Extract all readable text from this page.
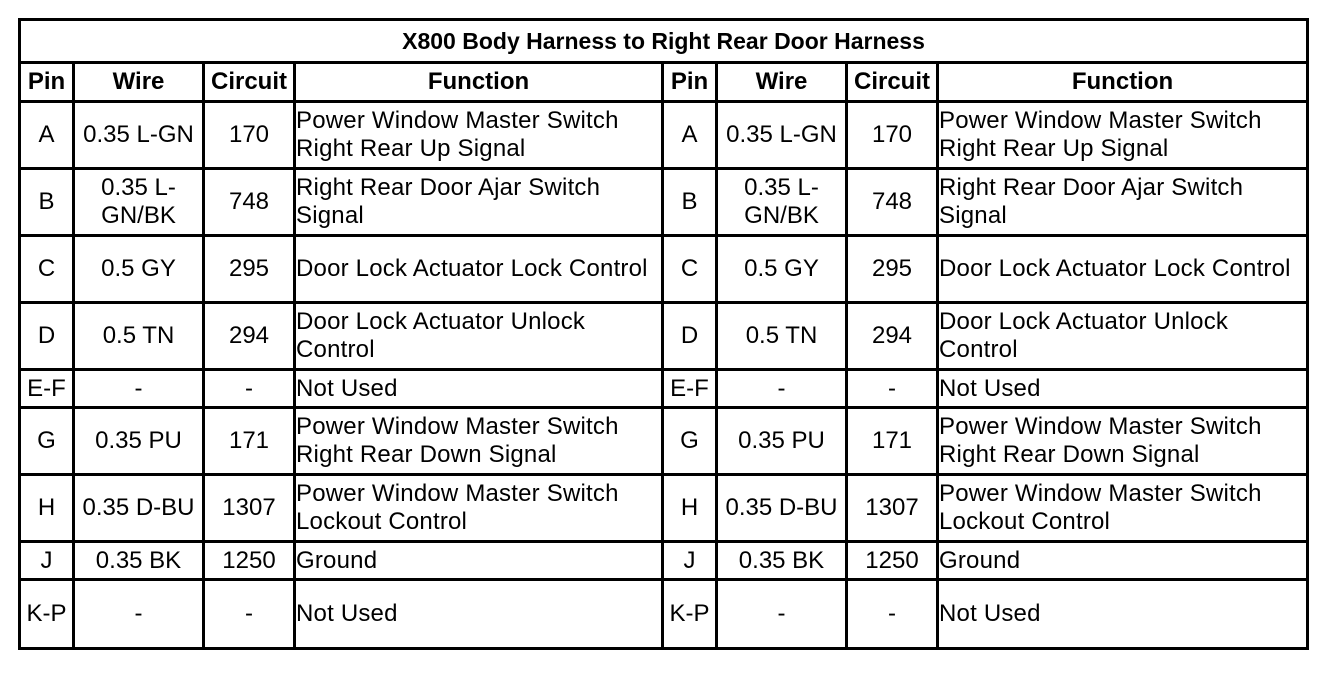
X800 Body Harness to Right Rear Door Harness							
Pin	Wire	Circuit	Function	Pin	Wire	Circuit	Function
A	0.35 L-GN	170	Power Window Master Switch Right Rear Up Signal	A	0.35 L-GN	170	Power Window Master Switch Right Rear Up Signal
B	0.35 L-GN/BK	748	Right Rear Door Ajar Switch Signal	B	0.35 L-GN/BK	748	Right Rear Door Ajar Switch Signal
C	0.5 GY	295	Door Lock Actuator Lock Control	C	0.5 GY	295	Door Lock Actuator Lock Control
D	0.5 TN	294	Door Lock Actuator Unlock Control	D	0.5 TN	294	Door Lock Actuator Unlock Control
E-F	-	-	Not Used	E-F	-	-	Not Used
G	0.35 PU	171	Power Window Master Switch Right Rear Down Signal	G	0.35 PU	171	Power Window Master Switch Right Rear Down Signal
H	0.35 D-BU	1307	Power Window Master Switch Lockout Control	H	0.35 D-BU	1307	Power Window Master Switch Lockout Control
J	0.35 BK	1250	Ground	J	0.35 BK	1250	Ground
K-P	-	-	Not Used	K-P	-	-	Not Used
